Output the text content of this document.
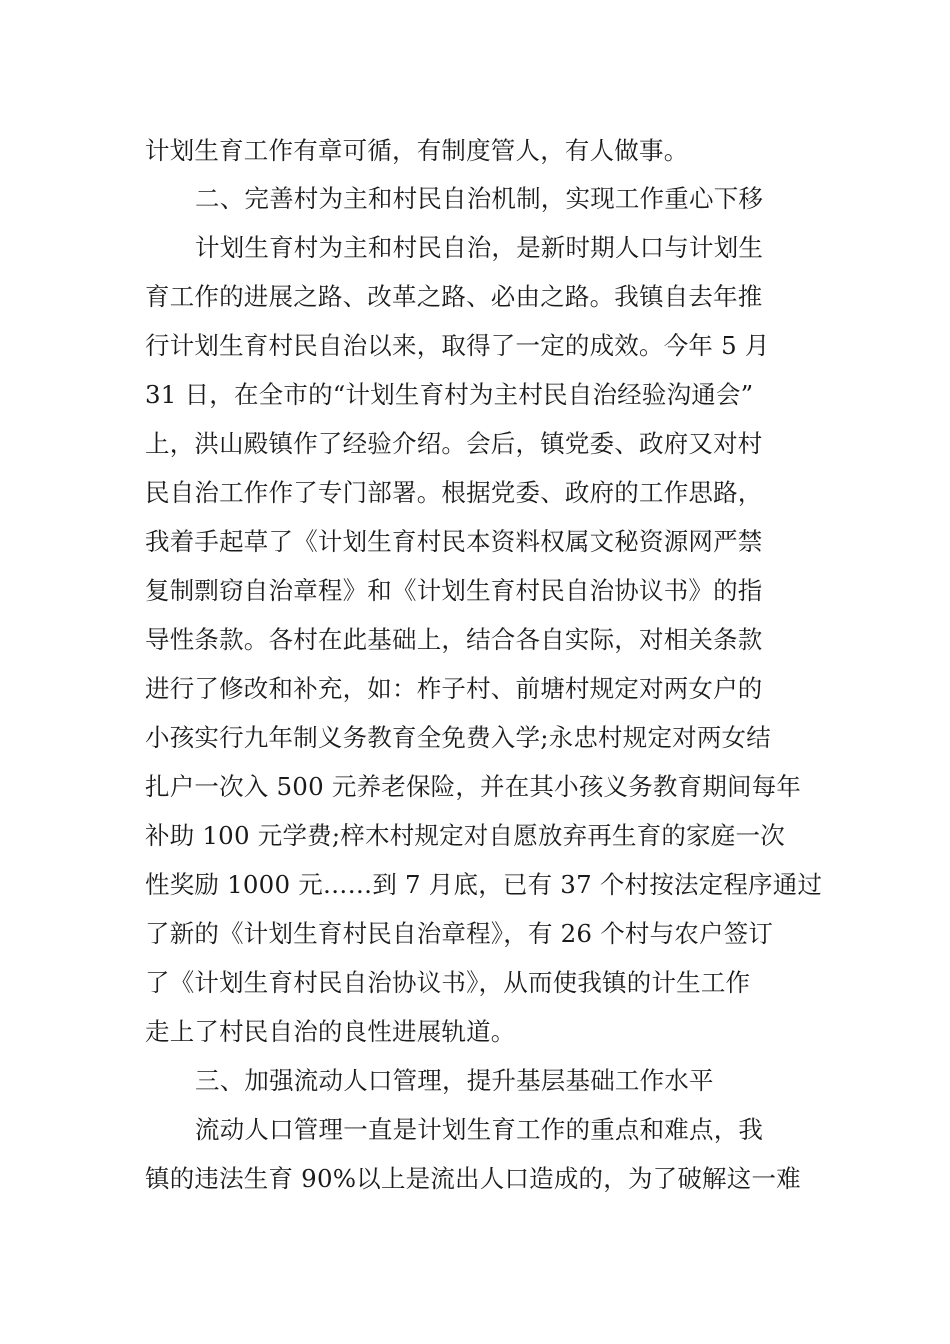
计划生育工作有章可循，有制度管人，有人做事。
二、完善村为主和村民自治机制，实现工作重心下移
计划生育村为主和村民自治，是新时期人口与计划生
育工作的进展之路、改革之路、必由之路。我镇自去年推
行计划生育村民自治以来，取得了一定的成效。今年 5 月
31 日，在全市的“计划生育村为主村民自治经验沟通会”
上，洪山殿镇作了经验介绍。会后，镇党委、政府又对村
民自治工作作了专门部署。根据党委、政府的工作思路，
我着手起草了《计划生育村民本资料权属文秘资源网严禁
复制剽窃自治章程》和《计划生育村民自治协议书》的指
导性条款。各村在此基础上，结合各自实际，对相关条款
进行了修改和补充，如：柞子村、前塘村规定对两女户的
小孩实行九年制义务教育全免费入学;永忠村规定对两女结
扎户一次入 500 元养老保险，并在其小孩义务教育期间每年
补助 100 元学费;梓木村规定对自愿放弃再生育的家庭一次
性奖励 1000 元……到 7 月底，已有 37 个村按法定程序通过
了新的《计划生育村民自治章程》，有 26 个村与农户签订
了《计划生育村民自治协议书》，从而使我镇的计生工作
走上了村民自治的良性进展轨道。
三、加强流动人口管理，提升基层基础工作水平
流动人口管理一直是计划生育工作的重点和难点，我
镇的违法生育 90%以上是流出人口造成的，为了破解这一难
